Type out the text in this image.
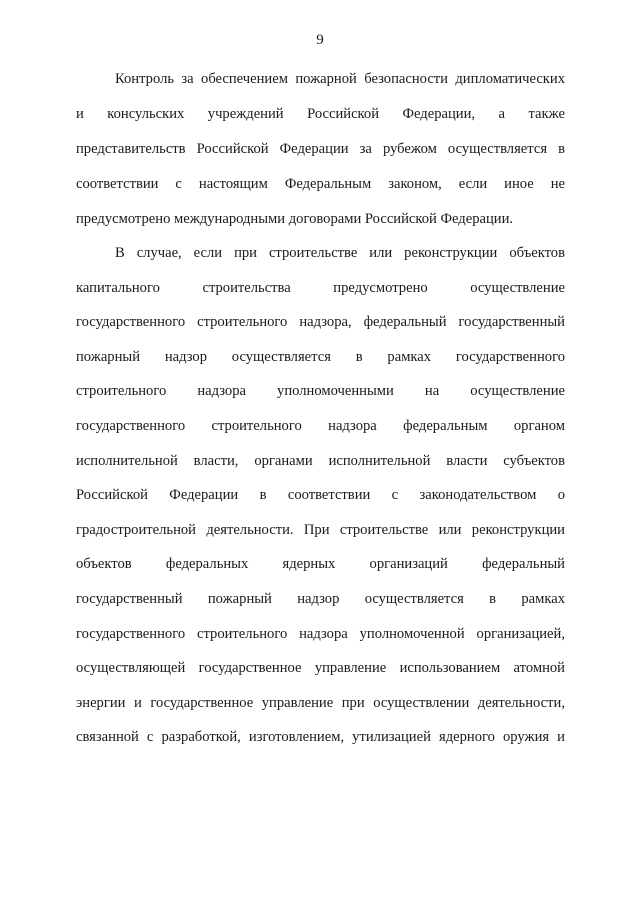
9
Контроль за обеспечением пожарной безопасности дипломатических
и консульских учреждений Российской Федерации, а также
представительств Российской Федерации за рубежом осуществляется в
соответствии с настоящим Федеральным законом, если иное не
предусмотрено международными договорами Российской Федерации.
В случае, если при строительстве или реконструкции объектов
капитального строительства предусмотрено осуществление
государственного строительного надзора, федеральный государственный
пожарный надзор осуществляется в рамках государственного
строительного надзора уполномоченными на осуществление
государственного строительного надзора федеральным органом
исполнительной власти, органами исполнительной власти субъектов
Российской Федерации в соответствии с законодательством о
градостроительной деятельности. При строительстве или реконструкции
объектов федеральных ядерных организаций федеральный
государственный пожарный надзор осуществляется в рамках
государственного строительного надзора уполномоченной организацией,
осуществляющей государственное управление использованием атомной
энергии и государственное управление при осуществлении деятельности,
связанной с разработкой, изготовлением, утилизацией ядерного оружия и
